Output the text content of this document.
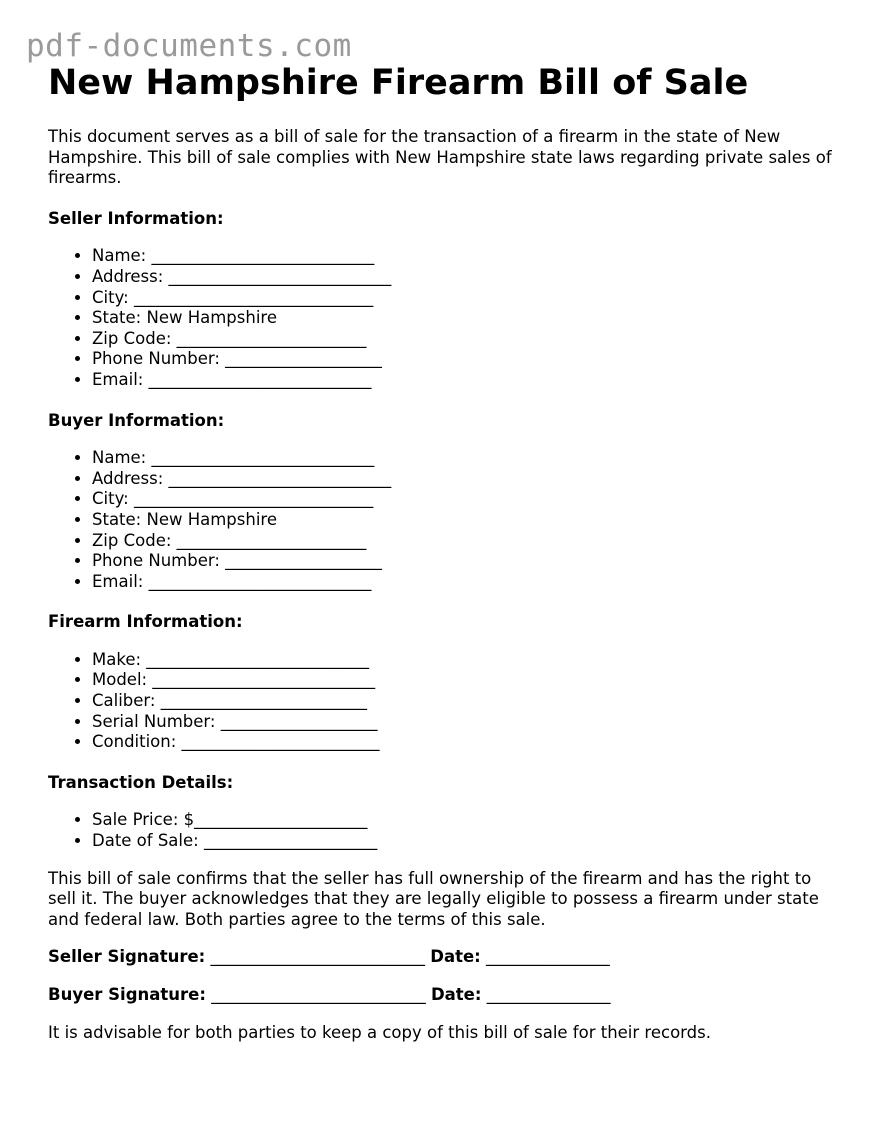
pdf-documents.com
New Hampshire Firearm Bill of Sale

This document serves as a bill of sale for the transaction of a firearm in the state of New Hampshire. This bill of sale complies with New Hampshire state laws regarding private sales of firearms.

Seller Information:
• Name: ___________________________
• Address: ___________________________
• City: _____________________________
• State: New Hampshire
• Zip Code: _______________________
• Phone Number: ___________________
• Email: ___________________________
Buyer Information:
• Name: ___________________________
• Address: ___________________________
• City: _____________________________
• State: New Hampshire
• Zip Code: _______________________
• Phone Number: ___________________
• Email: ___________________________
Firearm Information:
• Make: ___________________________
• Model: ___________________________
• Caliber: _________________________
• Serial Number: ___________________
• Condition: ________________________
Transaction Details:
• Sale Price: $_____________________
• Date of Sale: _____________________

This bill of sale confirms that the seller has full ownership of the firearm and has the right to sell it. The buyer acknowledges that they are legally eligible to possess a firearm under state and federal law. Both parties agree to the terms of this sale.

Seller Signature: __________________________ Date: _______________
Buyer Signature: __________________________ Date: _______________

It is advisable for both parties to keep a copy of this bill of sale for their records.
